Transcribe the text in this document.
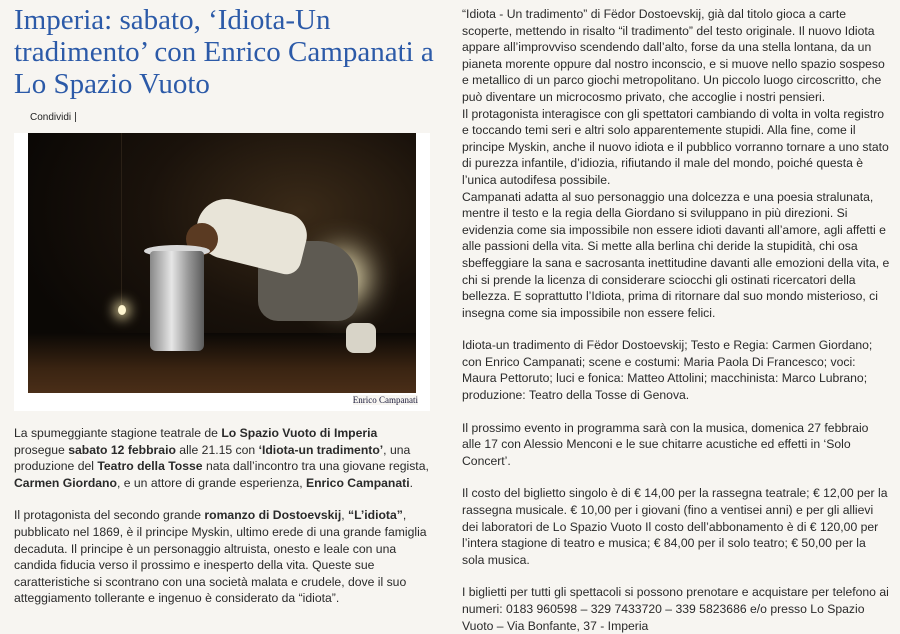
Imperia: sabato, ‘Idiota-Un tradimento’ con Enrico Campanati a Lo Spazio Vuoto
Condividi
Enrico Campanati

La spumeggiante stagione teatrale de Lo Spazio Vuoto di Imperia prosegue sabato 12 febbraio alle 21.15 con ‘Idiota-un tradimento’, una produzione del Teatro della Tosse nata dall’incontro tra una giovane regista, Carmen Giordano, e un attore di grande esperienza, Enrico Campanati.

Il protagonista del secondo grande romanzo di Dostoevskij, “L’idiota”, pubblicato nel 1869, è il principe Myskin, ultimo erede di una grande famiglia decaduta. Il principe è un personaggio altruista, onesto e leale con una candida fiducia verso il prossimo e inesperto della vita. Queste sue caratteristiche si scontrano con una società malata e crudele, dove il suo atteggiamento tollerante e ingenuo è considerato da “idiota”.

“Idiota - Un tradimento” di Fëdor Dostoevskij, già dal titolo gioca a carte scoperte, mettendo in risalto “il tradimento” del testo originale. Il nuovo Idiota appare all’improvviso scendendo dall’alto, forse da una stella lontana, da un pianeta morente oppure dal nostro inconscio, e si muove nello spazio sospeso e metallico di un parco giochi metropolitano. Un piccolo luogo circoscritto, che può diventare un microcosmo privato, che accoglie i nostri pensieri.

Il protagonista interagisce con gli spettatori cambiando di volta in volta registro e toccando temi seri e altri solo apparentemente stupidi. Alla fine, come il principe Myskin, anche il nuovo idiota e il pubblico vorranno tornare a uno stato di purezza infantile, d’idiozia, rifiutando il male del mondo, poiché questa è l’unica autodifesa possibile.

Campanati adatta al suo personaggio una dolcezza e una poesia stralunata, mentre il testo e la regia della Giordano si sviluppano in più direzioni. Si evidenzia come sia impossibile non essere idioti davanti all’amore, agli affetti e alle passioni della vita. Si mette alla berlina chi deride la stupidità, chi osa sbeffeggiare la sana e sacrosanta inettitudine davanti alle emozioni della vita, e chi si prende la licenza di considerare sciocchi gli ostinati ricercatori della bellezza. E soprattutto l’Idiota, prima di ritornare dal suo mondo misterioso, ci insegna come sia impossibile non essere felici.

Idiota-un tradimento di Fëdor Dostoevskij; Testo e Regia: Carmen Giordano; con Enrico Campanati; scene e costumi: Maria Paola Di Francesco; voci: Maura Pettoruto; luci e fonica: Matteo Attolini; macchinista: Marco Lubrano; produzione: Teatro della Tosse di Genova.

Il prossimo evento in programma sarà con la musica, domenica 27 febbraio alle 17 con Alessio Menconi e le sue chitarre acustiche ed effetti in ‘Solo Concert’.

Il costo del biglietto singolo è di € 14,00 per la rassegna teatrale; € 12,00 per la rassegna musicale. € 10,00 per i giovani (fino a ventisei anni) e per gli allievi dei laboratori de Lo Spazio Vuoto Il costo dell’abbonamento è di € 120,00 per l’intera stagione di teatro e musica; € 84,00 per il solo teatro; € 50,00 per la sola musica.

I biglietti per tutti gli spettacoli si possono prenotare e acquistare per telefono ai numeri: 0183 960598 – 329 7433720 – 339 5823686 e/o presso Lo Spazio Vuoto – Via Bonfante, 37 - Imperia
